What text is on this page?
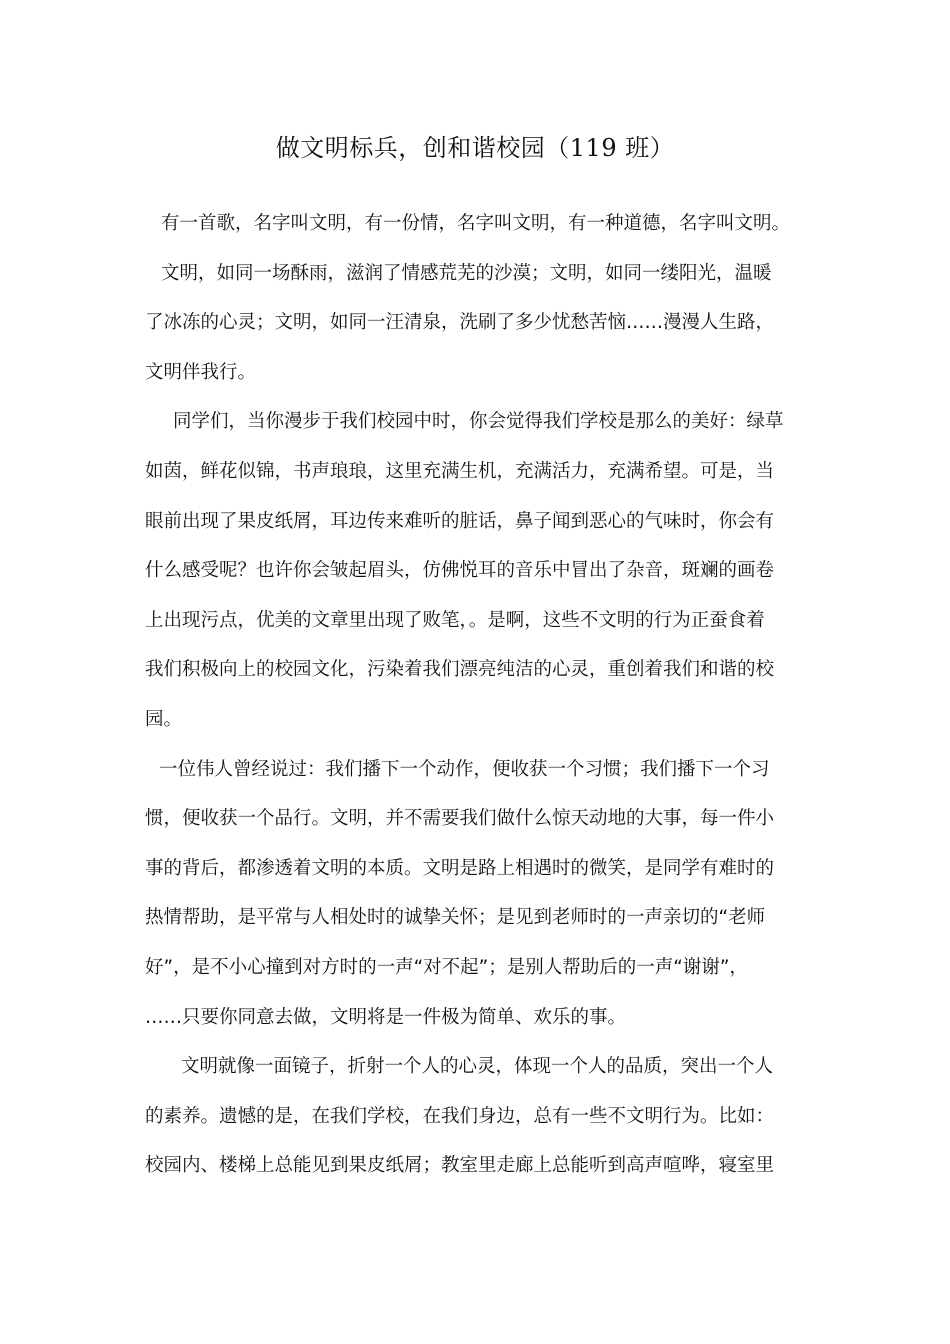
做文明标兵，创和谐校园（119 班）
有一首歌，名字叫文明，有一份情，名字叫文明，有一种道德，名字叫文明。
文明，如同一场酥雨，滋润了情感荒芜的沙漠；文明，如同一缕阳光，温暖
了冰冻的心灵；文明，如同一汪清泉，洗刷了多少忧愁苦恼……漫漫人生路，
文明伴我行。
同学们，当你漫步于我们校园中时，你会觉得我们学校是那么的美好：绿草
如茵，鲜花似锦，书声琅琅，这里充满生机，充满活力，充满希望。可是，当
眼前出现了果皮纸屑，耳边传来难听的脏话，鼻子闻到恶心的气味时，你会有
什么感受呢？也许你会皱起眉头，仿佛悦耳的音乐中冒出了杂音，斑斓的画卷
上出现污点，优美的文章里出现了败笔，。是啊，这些不文明的行为正蚕食着
我们积极向上的校园文化，污染着我们漂亮纯洁的心灵，重创着我们和谐的校
园。
一位伟人曾经说过：我们播下一个动作，便收获一个习惯；我们播下一个习
惯，便收获一个品行。文明，并不需要我们做什么惊天动地的大事，每一件小
事的背后，都渗透着文明的本质。文明是路上相遇时的微笑，是同学有难时的
热情帮助，是平常与人相处时的诚挚关怀；是见到老师时的一声亲切的“老师
好”，是不小心撞到对方时的一声“对不起”；是别人帮助后的一声“谢谢”，
……只要你同意去做，文明将是一件极为简单、欢乐的事。
文明就像一面镜子，折射一个人的心灵，体现一个人的品质，突出一个人
的素养。遗憾的是，在我们学校，在我们身边，总有一些不文明行为。比如：
校园内、楼梯上总能见到果皮纸屑；教室里走廊上总能听到高声喧哗，寝室里
